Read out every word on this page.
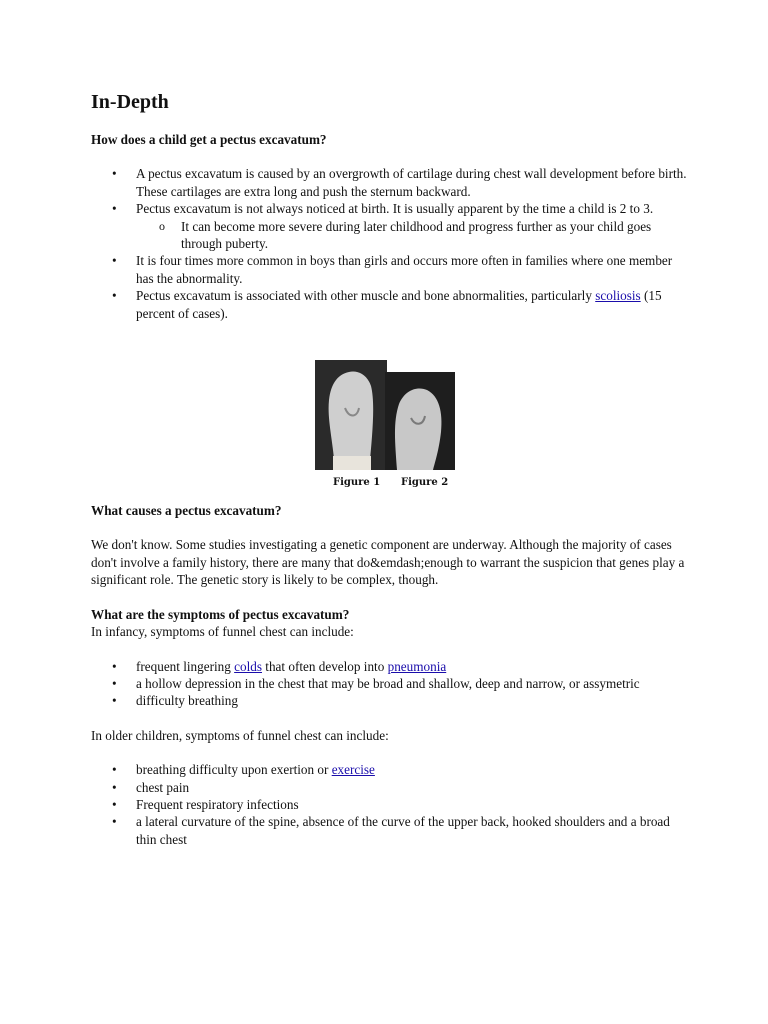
In-Depth
How does a child get a pectus excavatum?
• A pectus excavatum is caused by an overgrowth of cartilage during chest wall development before birth. These cartilages are extra long and push the sternum backward.
• Pectus excavatum is not always noticed at birth. It is usually apparent by the time a child is 2 to 3.
o It can become more severe during later childhood and progress further as your child goes through puberty.
• It is four times more common in boys than girls and occurs more often in families where one member has the abnormality.
• Pectus excavatum is associated with other muscle and bone abnormalities, particularly scoliosis (15 percent of cases).
What causes a pectus excavatum?

We don't know. Some studies investigating a genetic component are underway. Although the majority of cases don't involve a family history, there are many that do&emdash;enough to warrant the suspicion that genes play a significant role. The genetic story is likely to be complex, though.

What are the symptoms of pectus excavatum?

In infancy, symptoms of funnel chest can include:

• frequent lingering colds that often develop into pneumonia
• a hollow depression in the chest that may be broad and shallow, deep and narrow, or assymetric
• difficulty breathing

In older children, symptoms of funnel chest can include:

• breathing difficulty upon exertion or exercise
• chest pain
• Frequent respiratory infections
• a lateral curvature of the spine, absence of the curve of the upper back, hooked shoulders and a broad thin chest
Figure 1 Figure 2
